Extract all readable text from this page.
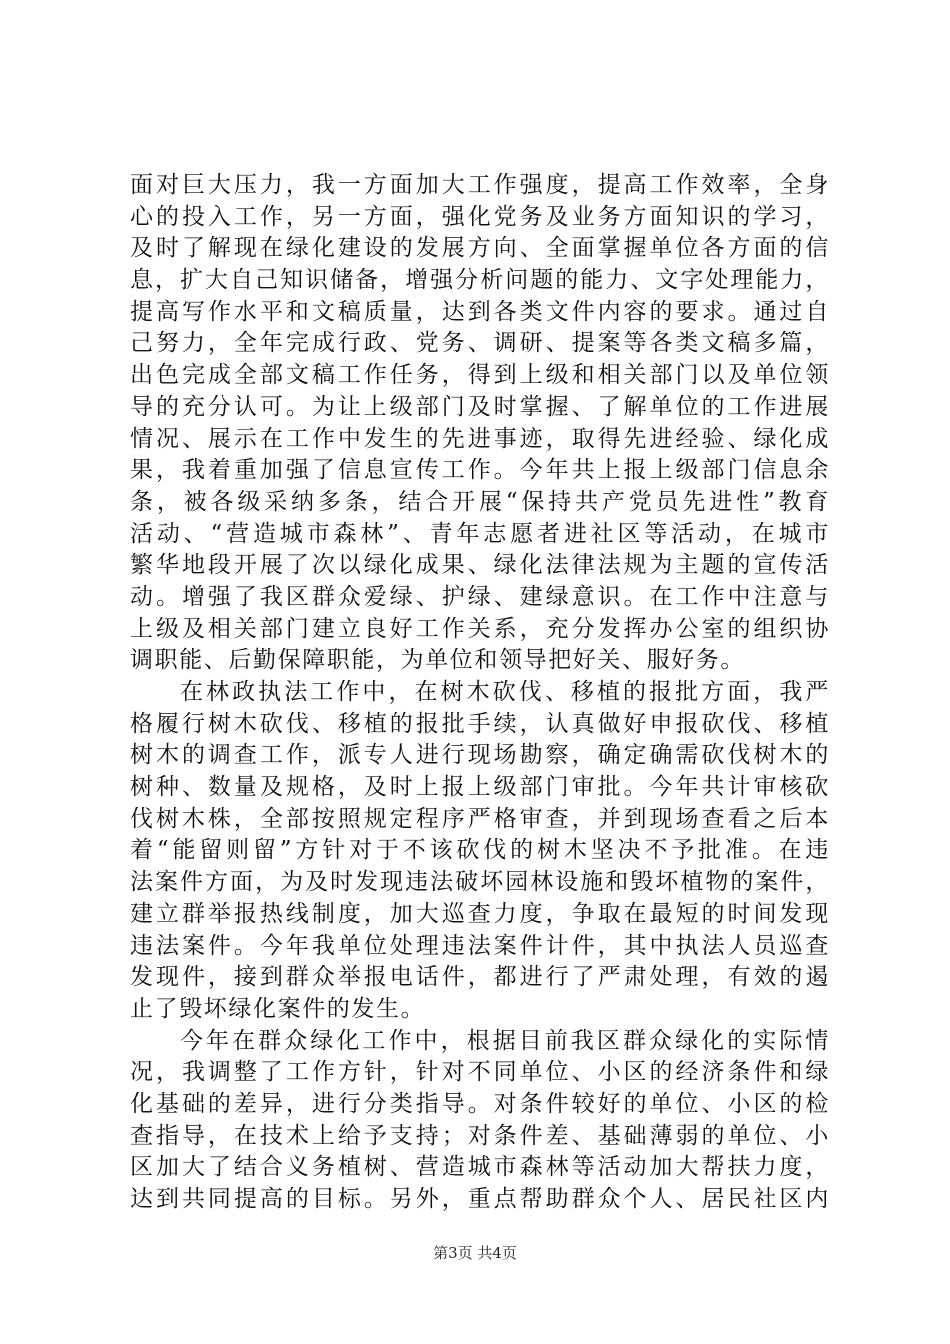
面对巨大压力，我一方面加大工作强度，提高工作效率，全身
心的投入工作，另一方面，强化党务及业务方面知识的学习，
及时了解现在绿化建设的发展方向、全面掌握单位各方面的信
息，扩大自己知识储备，增强分析问题的能力、文字处理能力，
提高写作水平和文稿质量，达到各类文件内容的要求。通过自
己努力，全年完成行政、党务、调研、提案等各类文稿多篇，
出色完成全部文稿工作任务，得到上级和相关部门以及单位领
导的充分认可。为让上级部门及时掌握、了解单位的工作进展
情况、展示在工作中发生的先进事迹，取得先进经验、绿化成
果，我着重加强了信息宣传工作。今年共上报上级部门信息余
条，被各级采纳多条，结合开展“保持共产党员先进性”教育
活动、“营造城市森林”、青年志愿者进社区等活动，在城市
繁华地段开展了次以绿化成果、绿化法律法规为主题的宣传活
动。增强了我区群众爱绿、护绿、建绿意识。在工作中注意与
上级及相关部门建立良好工作关系，充分发挥办公室的组织协
调职能、后勤保障职能，为单位和领导把好关、服好务。
在林政执法工作中，在树木砍伐、移植的报批方面，我严
格履行树木砍伐、移植的报批手续，认真做好申报砍伐、移植
树木的调查工作，派专人进行现场勘察，确定确需砍伐树木的
树种、数量及规格，及时上报上级部门审批。今年共计审核砍
伐树木株，全部按照规定程序严格审查，并到现场查看之后本
着“能留则留”方针对于不该砍伐的树木坚决不予批准。在违
法案件方面，为及时发现违法破坏园林设施和毁坏植物的案件，
建立群举报热线制度，加大巡查力度，争取在最短的时间发现
违法案件。今年我单位处理违法案件计件，其中执法人员巡查
发现件，接到群众举报电话件，都进行了严肃处理，有效的遏
止了毁坏绿化案件的发生。
今年在群众绿化工作中，根据目前我区群众绿化的实际情
况，我调整了工作方针，针对不同单位、小区的经济条件和绿
化基础的差异，进行分类指导。对条件较好的单位、小区的检
查指导，在技术上给予支持；对条件差、基础薄弱的单位、小
区加大了结合义务植树、营造城市森林等活动加大帮扶力度，
达到共同提高的目标。另外，重点帮助群众个人、居民社区内
第3页 共4页
